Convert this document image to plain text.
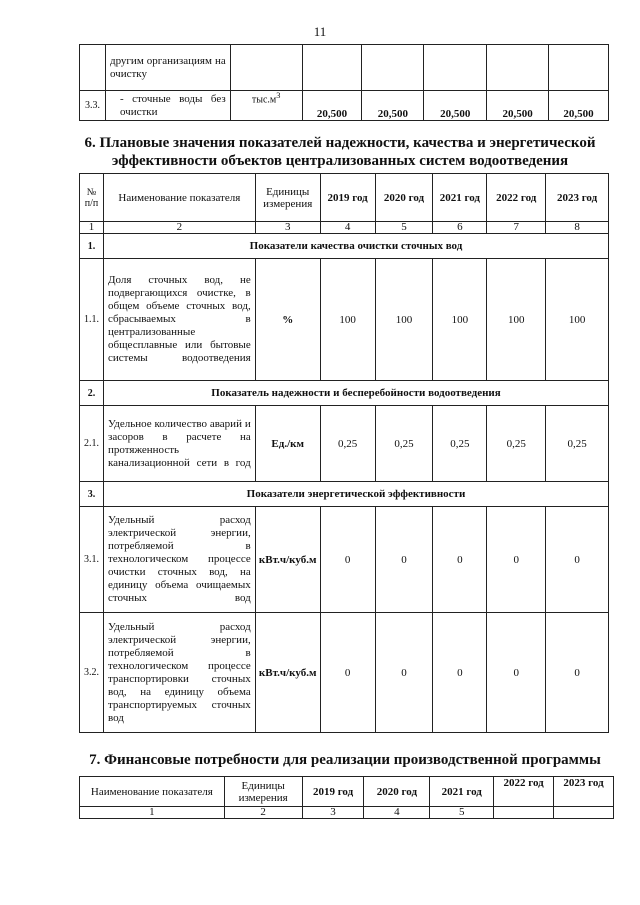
11
	другим организациям на очистку						
3.3.	- сточные воды без очистки	$тыс.м^3$	20,500	20,500	20,500	20,500	20,500
6. Плановые значения показателей надежности, качества и энергетической
эффективности объектов централизованных систем водоотведения
№ п/п	Наименование показателя	Единицы измерения	2019 год	2020 год	2021 год	2022 год	2023 год
1	2	3	4	5	6	7	8
1.	Показатели качества очистки сточных вод						
1.1.	Доля сточных вод, не подвергающихся очистке, в общем объеме сточных вод, сбрасываемых в централизованные общесплавные или бытовые системы водоотведения	%	100	100	100	100	100
2.	Показатель надежности и бесперебойности водоотведения						
2.1.	Удельное количество аварий и засоров в расчете на протяженность канализационной сети в год	Ед./км	0,25	0,25	0,25	0,25	0,25
3.	Показатели энергетической эффективности						
3.1.	Удельный расход электрической энергии, потребляемой в технологическом процессе очистки сточных вод, на единицу объема очищаемых сточных вод	кВт.ч/куб.м	0	0	0	0	0
3.2.	Удельный расход электрической энергии, потребляемой в технологическом процессе транспортировки сточных вод, на единицу объема транспортируемых сточных вод	кВт.ч/куб.м	0	0	0	0	0
7. Финансовые потребности для реализации производственной программы
Наименование показателя	Единицы измерения	2019 год	2020 год	2021 год	2022 год	2023 год
1	2	3	4	5		
